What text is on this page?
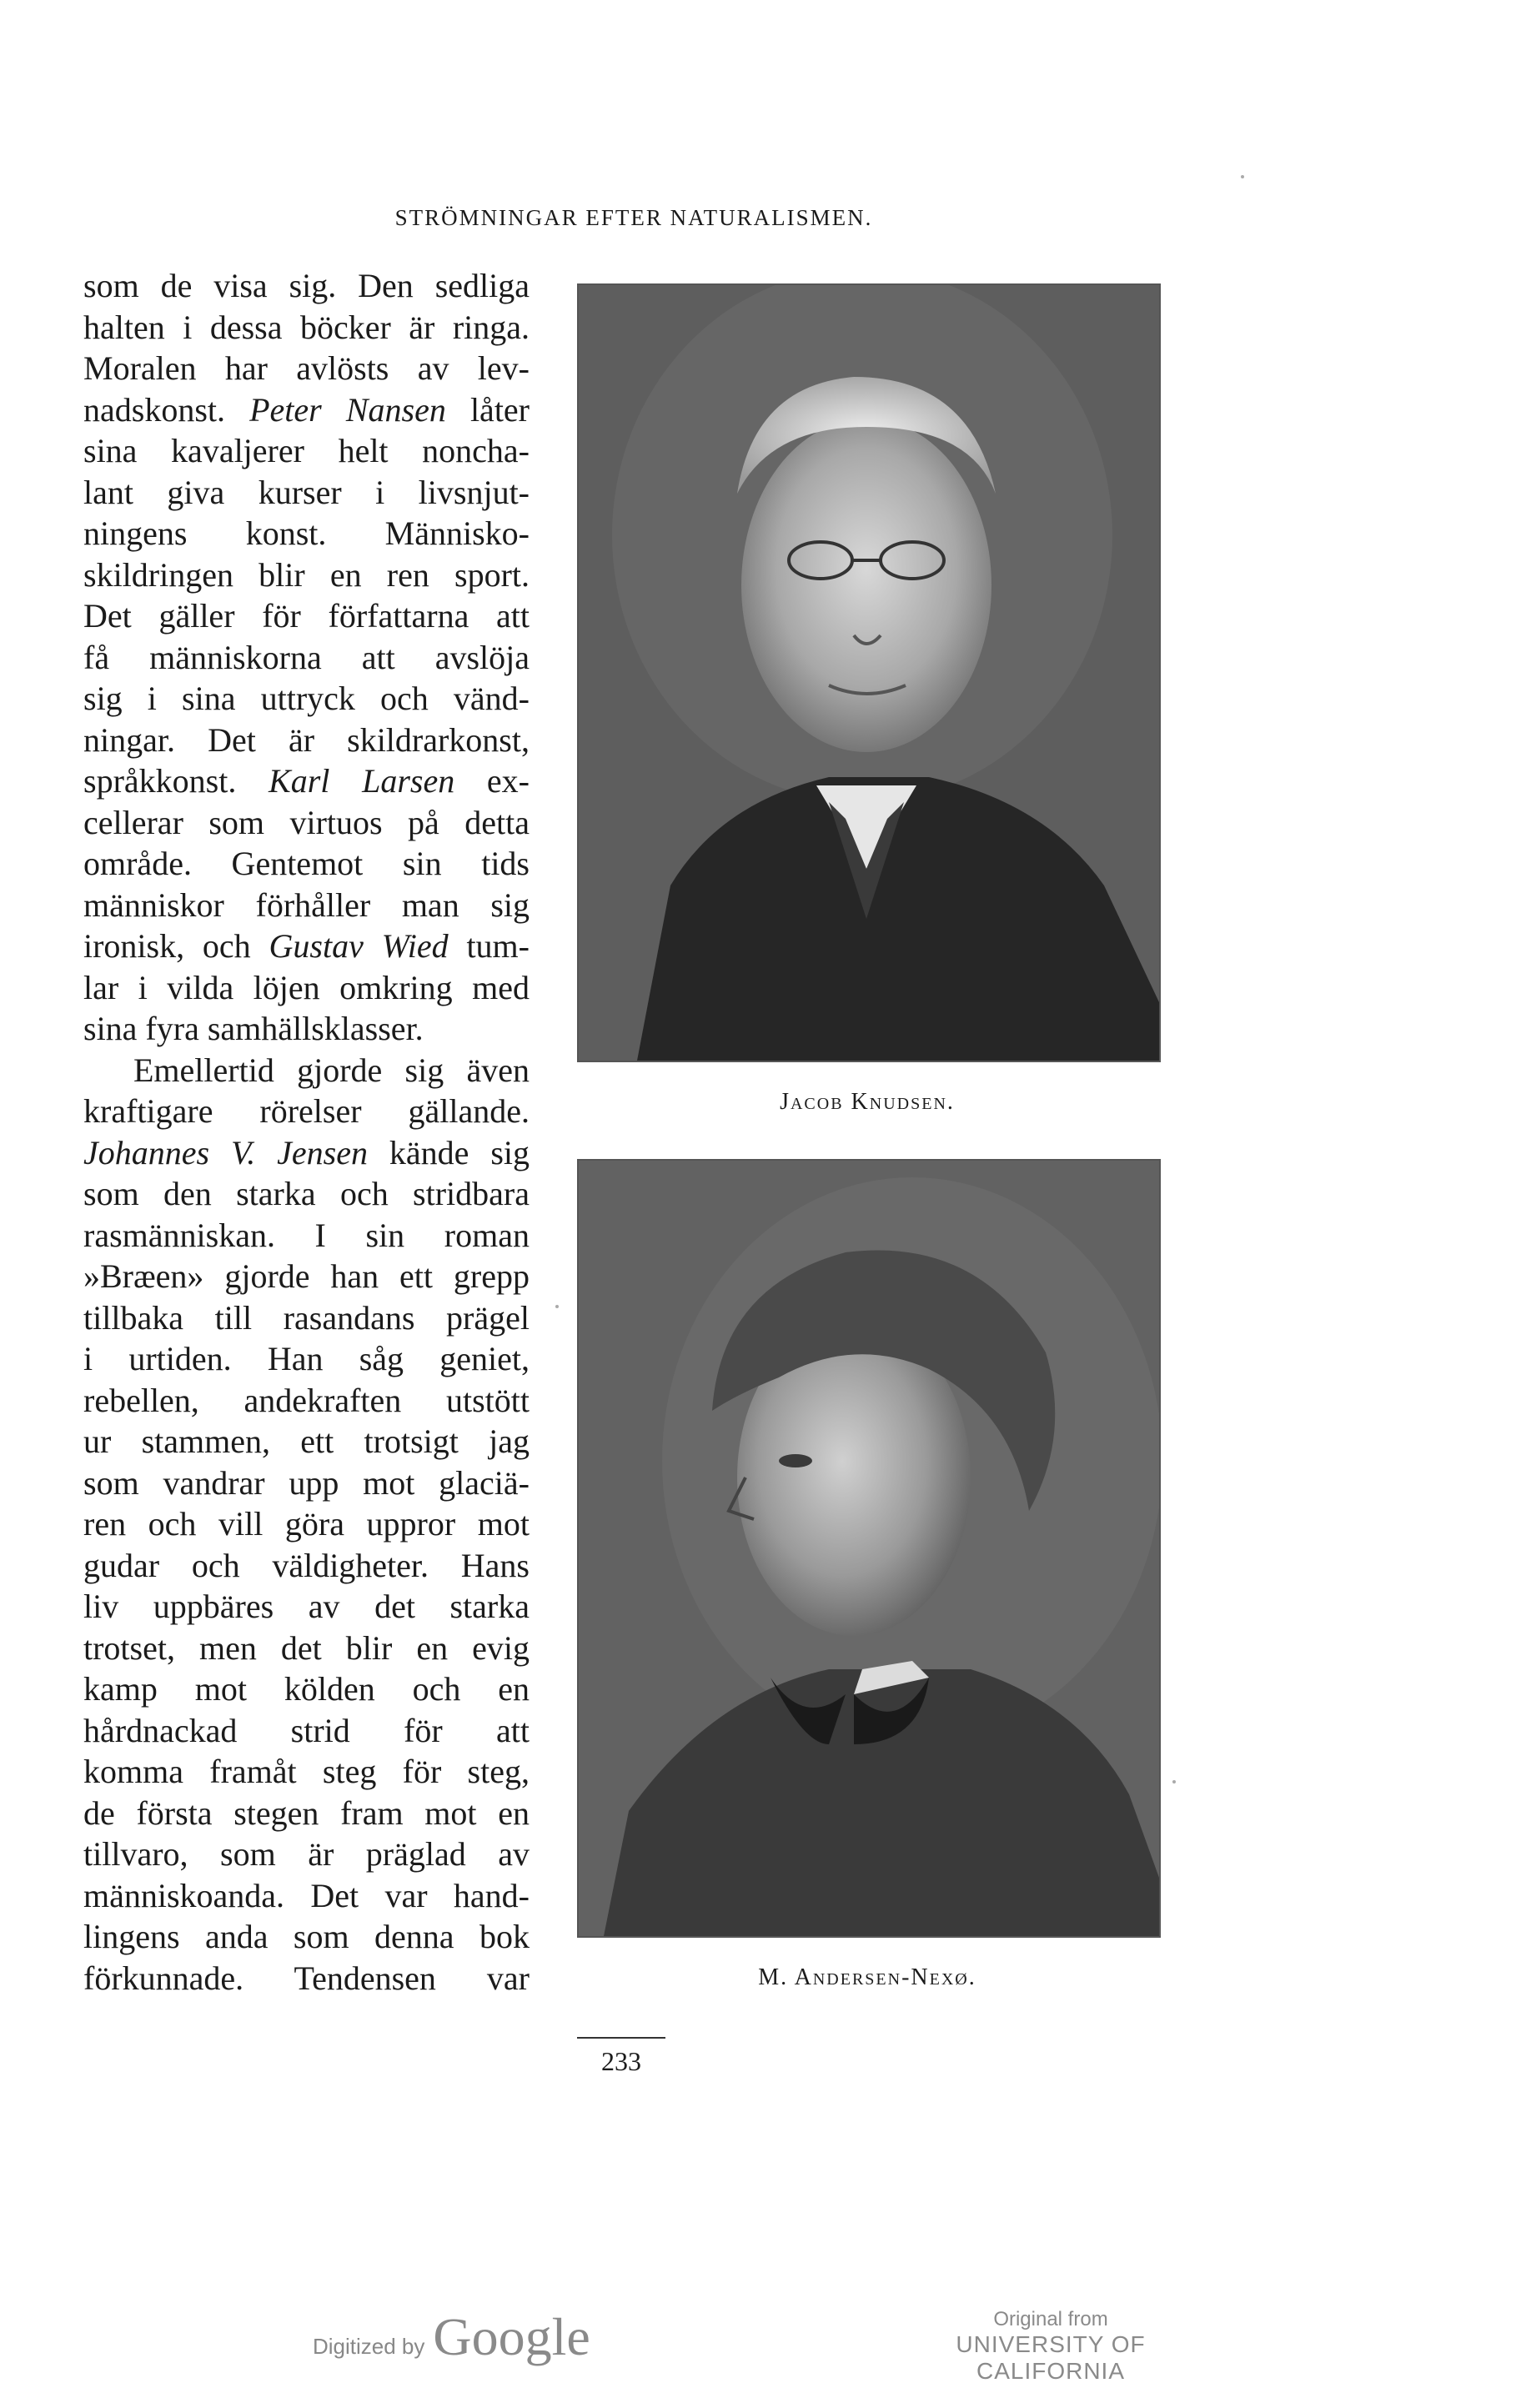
STRÖMNINGAR EFTER NATURALISMEN.
som de visa sig. Den sedliga
halten i dessa böcker är ringa.
Moralen har avlösts av lev-
nadskonst. Peter Nansen låter
sina kavaljerer helt noncha-
lant giva kurser i livsnjut-
ningens konst. Människo-
skildringen blir en ren sport.
Det gäller för författarna att
få människorna att avslöja
sig i sina uttryck och vänd-
ningar. Det är skildrarkonst,
språkkonst. Karl Larsen ex-
cellerar som virtuos på detta
område. Gentemot sin tids
människor förhåller man sig
ironisk, och Gustav Wied tum-
lar i vilda löjen omkring med
sina fyra samhällsklasser.
Emellertid gjorde sig även
kraftigare rörelser gällande.
Johannes V. Jensen kände sig
som den starka och stridbara
rasmänniskan. I sin roman
»Bræen» gjorde han ett grepp
tillbaka till rasandans prägel
i urtiden. Han såg geniet,
rebellen, andekraften utstött
ur stammen, ett trotsigt jag
som vandrar upp mot glaciä-
ren och vill göra uppror mot
gudar och väldigheter. Hans
liv uppbäres av det starka
trotset, men det blir en evig
kamp mot kölden och en
hårdnackad strid för att
komma framåt steg för steg,
de första stegen fram mot en
tillvaro, som är präglad av
människoanda. Det var hand-
lingens anda som denna bok
förkunnade. Tendensen var
Jacob Knudsen.
M. Andersen-Nexø.
233
Digitized by Google	Original from
UNIVERSITY OF CALIFORNIA
